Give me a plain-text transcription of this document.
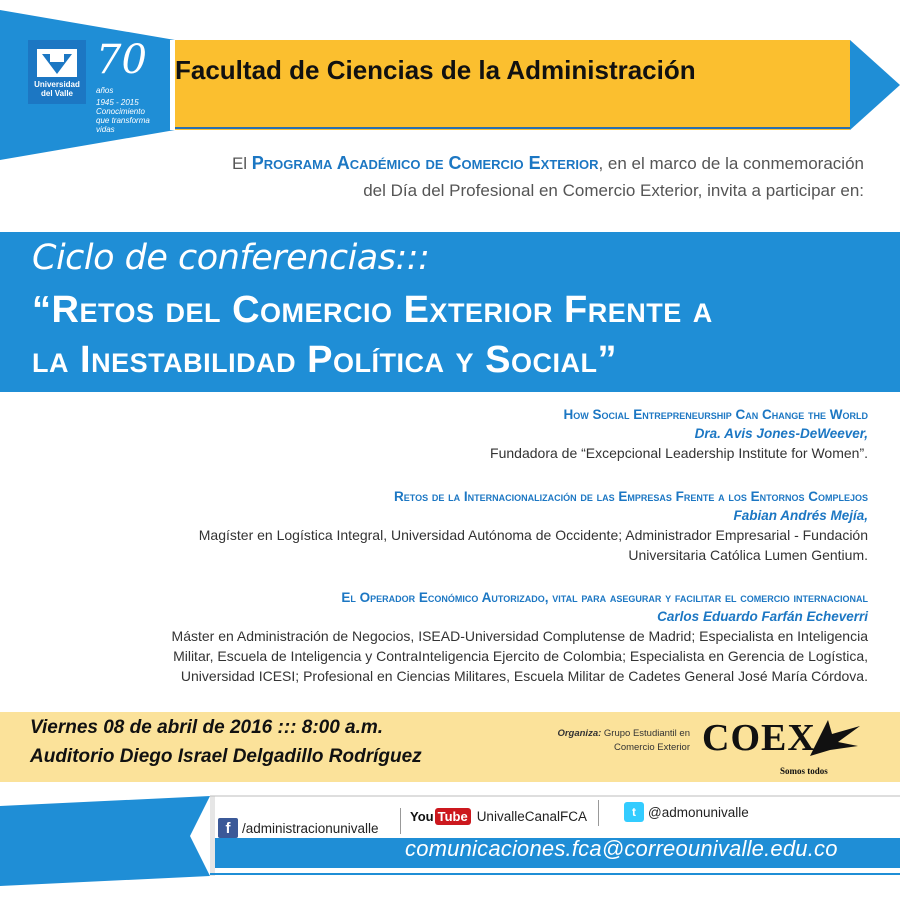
Universidad
del Valle
70 años
1945 - 2015
Conocimiento
que transforma vidas
Facultad de Ciencias de la Administración
El Programa Académico de Comercio Exterior, en el marco de la conmemoración
del Día del Profesional en Comercio Exterior, invita a participar en:
Ciclo de conferencias:::
“Retos del Comercio Exterior Frente a
la Inestabilidad Política y Social”
How Social Entrepreneurship Can Change the World
Dra. Avis Jones-DeWeever,
Fundadora de “Excepcional Leadership Institute for Women”.
Retos de la Internacionalización de las Empresas Frente a los Entornos Complejos
Fabian Andrés Mejía,
Magíster en Logística Integral, Universidad Autónoma de Occidente; Administrador Empresarial - Fundación
Universitaria Católica Lumen Gentium.
El Operador Económico Autorizado, vital para asegurar y facilitar el comercio internacional
Carlos Eduardo Farfán Echeverri
Máster en Administración de Negocios, ISEAD-Universidad Complutense de Madrid; Especialista en Inteligencia
Militar, Escuela de Inteligencia y ContraInteligencia Ejercito de Colombia; Especialista en Gerencia de Logística,
Universidad ICESI; Profesional en Ciencias Militares, Escuela Militar de Cadetes General José María Córdova.
Viernes 08 de abril de 2016 ::: 8:00 a.m.
Auditorio Diego Israel Delgadillo Rodríguez
Organiza: Grupo Estudiantil en
Comercio Exterior COEX
Somos todos
f /administracionunivalle
You Tube UnivalleCanalFCA	t @admonunivalle
comunicaciones.fca@correounivalle.edu.co
